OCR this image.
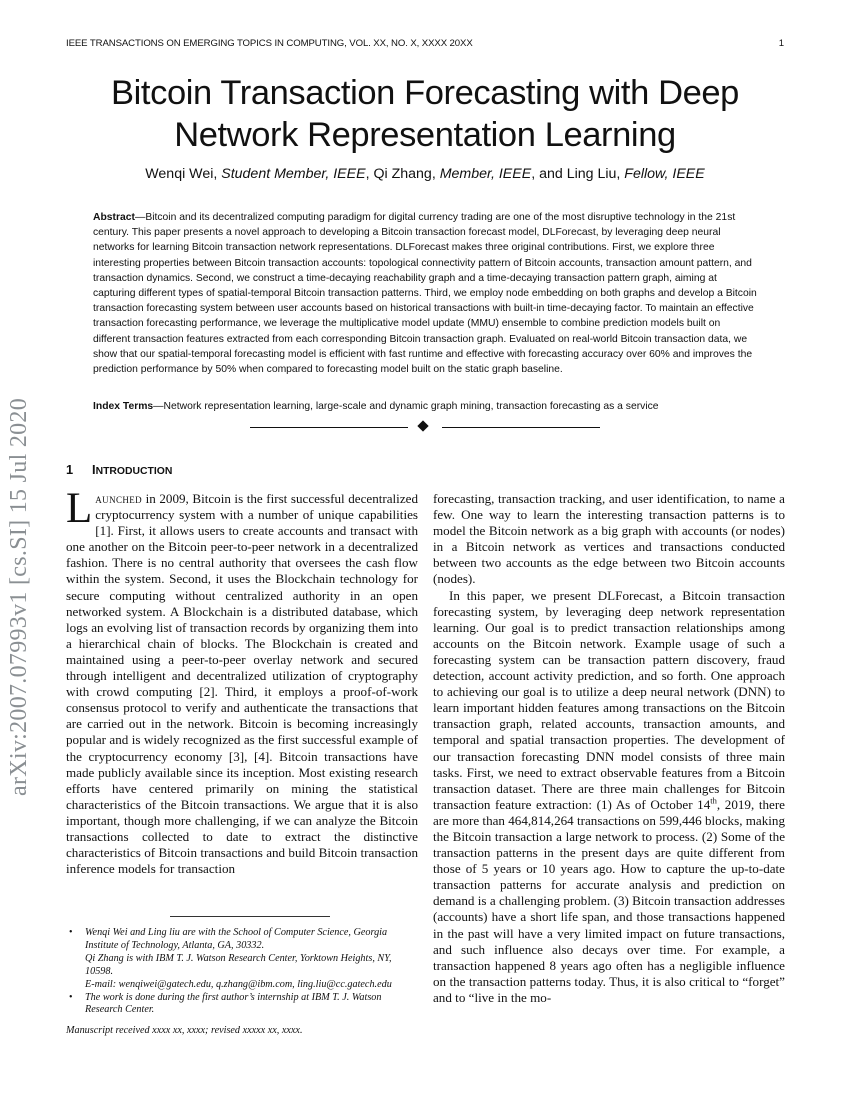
IEEE TRANSACTIONS ON EMERGING TOPICS IN COMPUTING, VOL. XX, NO. X, XXXX 20XX	1
Bitcoin Transaction Forecasting with Deep
Network Representation Learning
Wenqi Wei, Student Member, IEEE, Qi Zhang, Member, IEEE, and Ling Liu, Fellow, IEEE
Abstract—Bitcoin and its decentralized computing paradigm for digital currency trading are one of the most disruptive technology in the 21st century. This paper presents a novel approach to developing a Bitcoin transaction forecast model, DLForecast, by leveraging deep neural networks for learning Bitcoin transaction network representations. DLForecast makes three original contributions. First, we explore three interesting properties between Bitcoin transaction accounts: topological connectivity pattern of Bitcoin accounts, transaction amount pattern, and transaction dynamics. Second, we construct a time-decaying reachability graph and a time-decaying transaction pattern graph, aiming at capturing different types of spatial-temporal Bitcoin transaction patterns. Third, we employ node embedding on both graphs and develop a Bitcoin transaction forecasting system between user accounts based on historical transactions with built-in time-decaying factor. To maintain an effective transaction forecasting performance, we leverage the multiplicative model update (MMU) ensemble to combine prediction models built on different transaction features extracted from each corresponding Bitcoin transaction graph. Evaluated on real-world Bitcoin transaction data, we show that our spatial-temporal forecasting model is efficient with fast runtime and effective with forecasting accuracy over 60% and improves the prediction performance by 50% when compared to forecasting model built on the static graph baseline.
Index Terms—Network representation learning, large-scale and dynamic graph mining, transaction forecasting as a service
arXiv:2007.07993v1 [cs.SI] 15 Jul 2020	1 INTRODUCTION

Launched in 2009, Bitcoin is the first successful decentralized cryptocurrency system with a number of unique capabilities [1]. First, it allows users to create accounts and transact with one another on the Bitcoin peer-to-peer network in a decentralized fashion. There is no central authority that oversees the cash flow within the system. Second, it uses the Blockchain technology for secure computing without centralized authority in an open networked system. A Blockchain is a distributed database, which logs an evolving list of transaction records by organizing them into a hierarchical chain of blocks. The Blockchain is created and maintained using a peer-to-peer overlay network and secured through intelligent and decentralized utilization of cryptography with crowd computing [2]. Third, it employs a proof-of-work consensus protocol to verify and authenticate the transactions that are carried out in the network. Bitcoin is becoming increasingly popular and is widely recognized as the first successful example of the cryptocurrency economy [3], [4]. Bitcoin transactions have made publicly available since its inception. Most existing research efforts have centered primarily on mining the statistical characteristics of the Bitcoin transactions. We argue that it is also important, though more challenging, if we can analyze the Bitcoin transactions collected to date to extract the distinctive characteristics of Bitcoin transactions and build Bitcoin transaction inference models for transaction

forecasting, transaction tracking, and user identification, to name a few. One way to learn the interesting transaction patterns is to model the Bitcoin network as a big graph with accounts (or nodes) in a Bitcoin network as vertices and transactions conducted between two accounts as the edge between two Bitcoin accounts (nodes).

In this paper, we present DLForecast, a Bitcoin transaction forecasting system, by leveraging deep network representation learning. Our goal is to predict transaction relationships among accounts on the Bitcoin network. Example usage of such a forecasting system can be transaction pattern discovery, fraud detection, account activity prediction, and so forth. One approach to achieving our goal is to utilize a deep neural network (DNN) to learn important hidden features among transactions on the Bitcoin transaction graph, related accounts, transaction amounts, and temporal and spatial transaction properties. The development of our transaction forecasting DNN model consists of three main tasks. First, we need to extract observable features from a Bitcoin transaction dataset. There are three main challenges for Bitcoin transaction feature extraction: (1) As of October 14th, 2019, there are more than 464,814,264 transactions on 599,446 blocks, making the Bitcoin transaction a large network to process. (2) Some of the transaction patterns in the present days are quite different from those of 5 years or 10 years ago. How to capture the up-to-date transaction patterns for accurate analysis and prediction on demand is a challenging problem. (3) Bitcoin transaction addresses (accounts) have a short life span, and those transactions happened in the past will have a very limited impact on future transactions, and such influence also decays over time. For example, a transaction happened 8 years ago often has a negligible influence on the transaction patterns today. Thus, it is also critical to “forget” and to “live in the mo-

• Wenqi Wei and Ling liu are with the School of Computer Science, Georgia Institute of Technology, Atlanta, GA, 30332.
Qi Zhang is with IBM T. J. Watson Research Center, Yorktown Heights, NY, 10598.
E-mail: wenqiwei@gatech.edu, q.zhang@ibm.com, ling.liu@cc.gatech.edu
• The work is done during the first author’s internship at IBM T. J. Watson Research Center.
Manuscript received xxxx xx, xxxx; revised xxxxx xx, xxxx.
